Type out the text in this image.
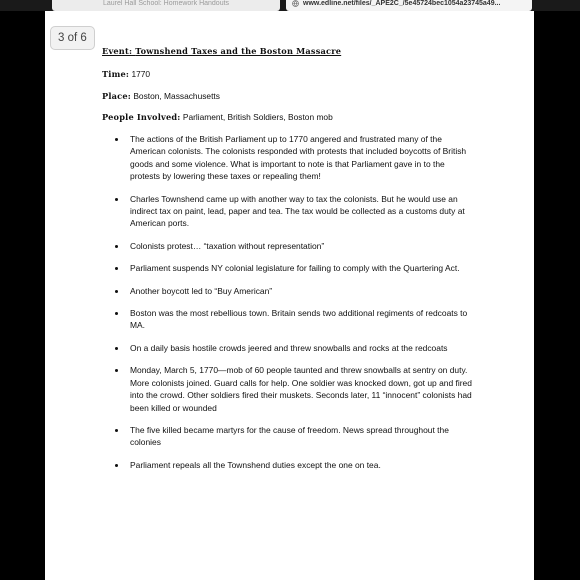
Laurel Hall School: Homework Handouts	www.edline.net/files/_APE2C_/5e45724bec1054a23745a49...
3 of 6
Event: Townshend Taxes and the Boston Massacre
Time: 1770
Place: Boston, Massachusetts
People Involved: Parliament, British Soldiers, Boston mob
The actions of the British Parliament up to 1770 angered and frustrated many of the American colonists. The colonists responded with protests that included boycotts of British goods and some violence. What is important to note is that Parliament gave in to the protests by lowering these taxes or repealing them!
Charles Townshend came up with another way to tax the colonists. But he would use an indirect tax on paint, lead, paper and tea. The tax would be collected as a customs duty at American ports.
Colonists protest… “taxation without representation”
Parliament suspends NY colonial legislature for failing to comply with the Quartering Act.
Another boycott led to “Buy American”
Boston was the most rebellious town. Britain sends two additional regiments of redcoats to MA.
On a daily basis hostile crowds jeered and threw snowballs and rocks at the redcoats
Monday, March 5, 1770—mob of 60 people taunted and threw snowballs at sentry on duty. More colonists joined. Guard calls for help. One soldier was knocked down, got up and fired into the crowd. Other soldiers fired their muskets. Seconds later, 11 “innocent” colonists had been killed or wounded
The five killed became martyrs for the cause of freedom. News spread throughout the colonies
Parliament repeals all the Townshend duties except the one on tea.
